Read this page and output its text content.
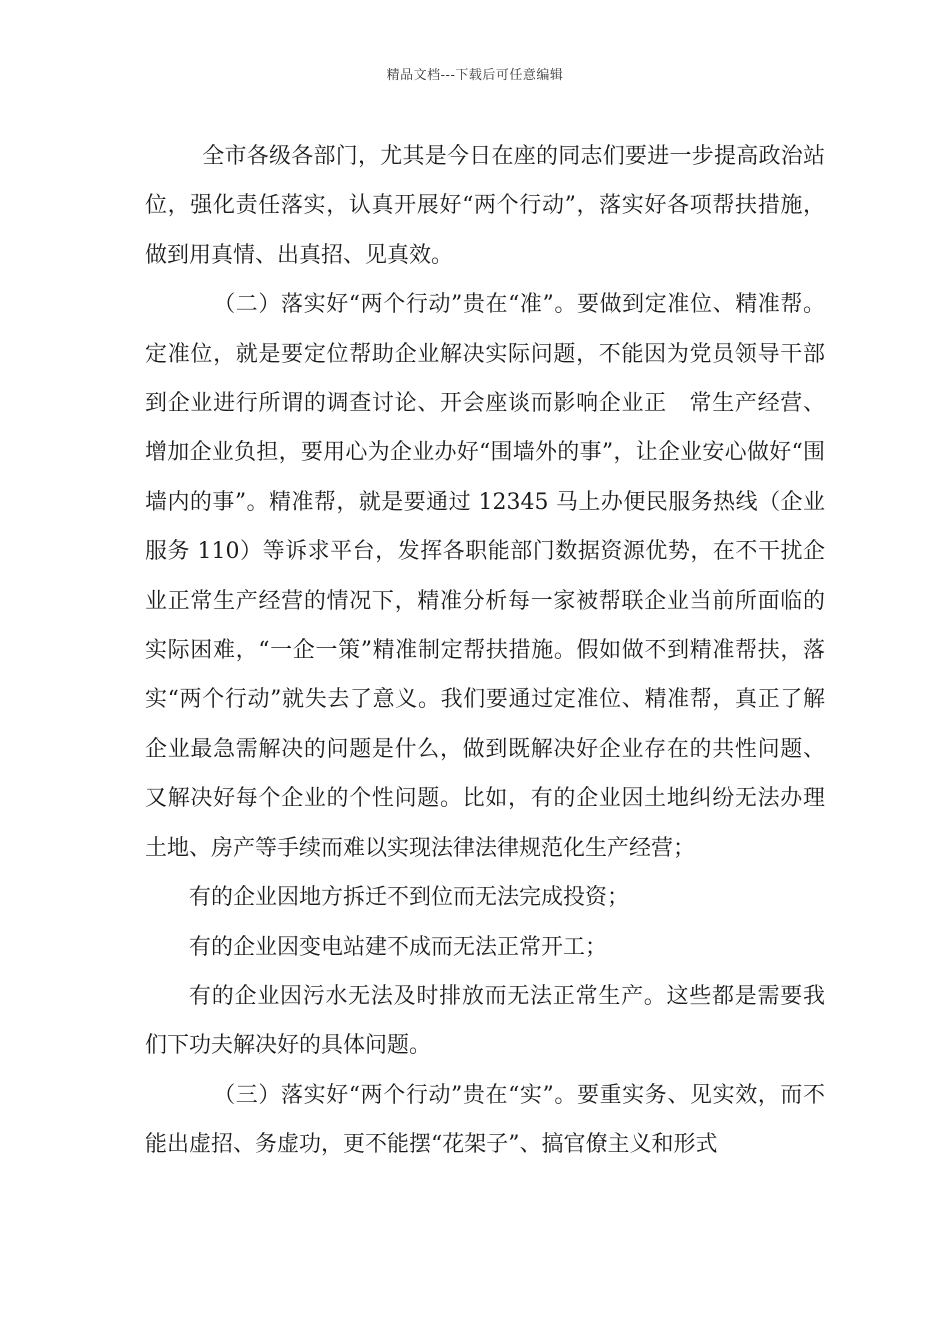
精品文档---下载后可任意编辑

全市各级各部门，尤其是今日在座的同志们要进一步提高政治站位，强化责任落实，认真开展好“两个行动”，落实好各项帮扶措施，做到用真情、出真招、见真效。

（二）落实好“两个行动”贵在“准”。要做到定准位、精准帮。定准位，就是要定位帮助企业解决实际问题，不能因为党员领导干部到企业进行所谓的调查讨论、开会座谈而影响企业正　常生产经营、增加企业负担，要用心为企业办好“围墙外的事”，让企业安心做好“围墙内的事”。精准帮，就是要通过 12345 马上办便民服务热线（企业服务 110）等诉求平台，发挥各职能部门数据资源优势，在不干扰企业正常生产经营的情况下，精准分析每一家被帮联企业当前所面临的实际困难，“一企一策”精准制定帮扶措施。假如做不到精准帮扶，落实“两个行动”就失去了意义。我们要通过定准位、精准帮，真正了解企业最急需解决的问题是什么，做到既解决好企业存在的共性问题、又解决好每个企业的个性问题。比如，有的企业因土地纠纷无法办理土地、房产等手续而难以实现法律法律规范化生产经营；

有的企业因地方拆迁不到位而无法完成投资；

有的企业因变电站建不成而无法正常开工；

有的企业因污水无法及时排放而无法正常生产。这些都是需要我们下功夫解决好的具体问题。

（三）落实好“两个行动”贵在“实”。要重实务、见实效，而不能出虚招、务虚功，更不能摆“花架子”、搞官僚主义和形式
